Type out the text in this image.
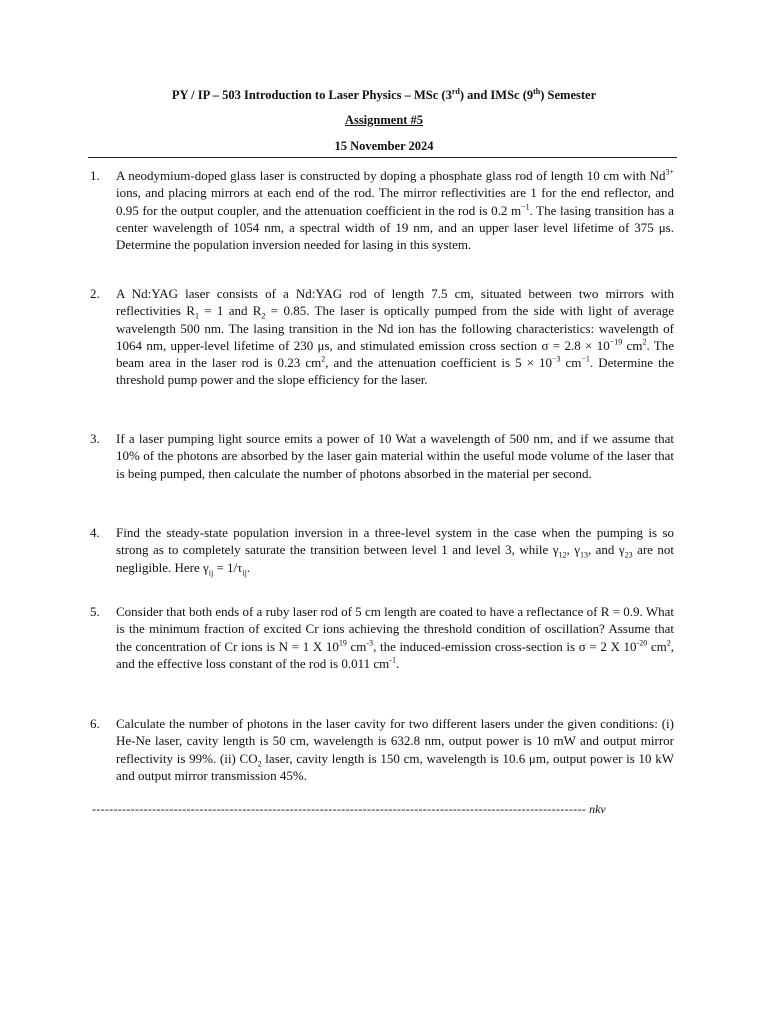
PY / IP – 503 Introduction to Laser Physics – MSc (3rd) and IMSc (9th) Semester
Assignment #5
15 November 2024
1. A neodymium-doped glass laser is constructed by doping a phosphate glass rod of length 10 cm with $Nd^{3+}$ ions, and placing mirrors at each end of the rod. The mirror reflectivities are 1 for the end reflector, and 0.95 for the output coupler, and the attenuation coefficient in the rod is 0.2 $m^{-1}$. The lasing transition has a center wavelength of 1054 nm, a spectral width of 19 nm, and an upper laser level lifetime of 375 μs. Determine the population inversion needed for lasing in this system.
2. A Nd:YAG laser consists of a Nd:YAG rod of length 7.5 cm, situated between two mirrors with reflectivities $R_1 = 1$ and $R_2 = 0.85$. The laser is optically pumped from the side with light of average wavelength 500 nm. The lasing transition in the Nd ion has the following characteristics: wavelength of 1064 nm, upper-level lifetime of 230 μs, and stimulated emission cross section $\sigma = 2.8 \times 10^{-19}$ $cm^2$. The beam area in the laser rod is 0.23 $cm^2$, and the attenuation coefficient is $5 \times 10^{-3}$ $cm^{-1}$. Determine the threshold pump power and the slope efficiency for the laser.
3. If a laser pumping light source emits a power of 10 Wat a wavelength of 500 nm, and if we assume that 10% of the photons are absorbed by the laser gain material within the useful mode volume of the laser that is being pumped, then calculate the number of photons absorbed in the material per second.
4. Find the steady-state population inversion in a three-level system in the case when the pumping is so strong as to completely saturate the transition between level 1 and level 3, while $\gamma_{12}$, $\gamma_{13}$, and $\gamma_{23}$ are not negligible. Here $\gamma_{ij} = 1/\tau_{ij}$.
5. Consider that both ends of a ruby laser rod of 5 cm length are coated to have a reflectance of R = 0.9. What is the minimum fraction of excited Cr ions achieving the threshold condition of oscillation? Assume that the concentration of Cr ions is N = 1 X $10^{19}$ $cm^{-3}$, the induced-emission cross-section is σ = 2 X $10^{-20}$ $cm^2$, and the effective loss constant of the rod is 0.011 $cm^{-1}$.
6. Calculate the number of photons in the laser cavity for two different lasers under the given conditions: (i) He-Ne laser, cavity length is 50 cm, wavelength is 632.8 nm, output power is 10 mW and output mirror reflectivity is 99%. (ii) $CO_2$ laser, cavity length is 150 cm, wavelength is 10.6 μm, output power is 10 kW and output mirror transmission 45%.
------------------------------------------------------------------------------------------------------------------- nkv
